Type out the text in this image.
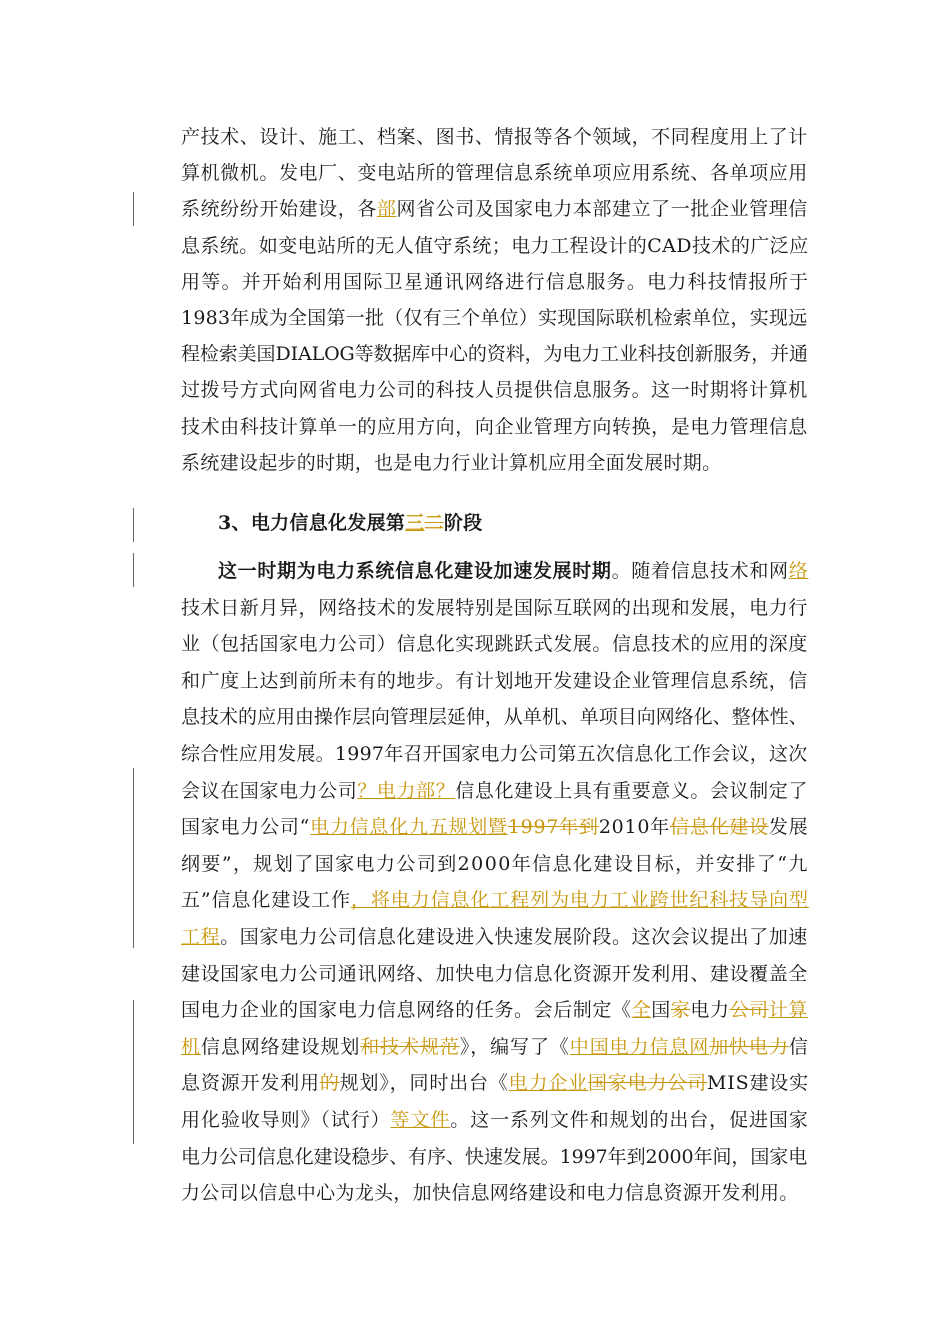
产技术、设计、施工、档案、图书、情报等各个领域，不同程度用上了计
算机微机。发电厂、变电站所的管理信息系统单项应用系统、各单项应用
系统纷纷开始建设，各部网省公司及国家电力本部建立了一批企业管理信
息系统。如变电站所的无人值守系统；电力工程设计的CAD技术的广泛应
用等。并开始利用国际卫星通讯网络进行信息服务。电力科技情报所于
1983年成为全国第一批（仅有三个单位）实现国际联机检索单位，实现远
程检索美国DIALOG等数据库中心的资料，为电力工业科技创新服务，并通
过拨号方式向网省电力公司的科技人员提供信息服务。这一时期将计算机
技术由科技计算单一的应用方向，向企业管理方向转换，是电力管理信息
系统建设起步的时期，也是电力行业计算机应用全面发展时期。
3、电力信息化发展第三二阶段
这一时期为电力系统信息化建设加速发展时期。随着信息技术和网络
技术日新月异，网络技术的发展特别是国际互联网的出现和发展，电力行
业（包括国家电力公司）信息化实现跳跃式发展。信息技术的应用的深度
和广度上达到前所未有的地步。有计划地开发建设企业管理信息系统，信
息技术的应用由操作层向管理层延伸，从单机、单项目向网络化、整体性、
综合性应用发展。1997年召开国家电力公司第五次信息化工作会议，这次
会议在国家电力公司？电力部？信息化建设上具有重要意义。会议制定了
国家电力公司“电力信息化九五规划暨1997年到2010年信息化建设发展
纲要”，规划了国家电力公司到2000年信息化建设目标，并安排了“九
五”信息化建设工作，将电力信息化工程列为电力工业跨世纪科技导向型
工程。国家电力公司信息化建设进入快速发展阶段。这次会议提出了加速
建设国家电力公司通讯网络、加快电力信息化资源开发利用、建设覆盖全
国电力企业的国家电力信息网络的任务。会后制定《全国家电力公司计算
机信息网络建设规划和技术规范》，编写了《中国电力信息网加快电力信
息资源开发利用的规划》，同时出台《电力企业国家电力公司MIS建设实
用化验收导则》（试行）等文件。这一系列文件和规划的出台，促进国家
电力公司信息化建设稳步、有序、快速发展。1997年到2000年间，国家电
力公司以信息中心为龙头，加快信息网络建设和电力信息资源开发利用。
